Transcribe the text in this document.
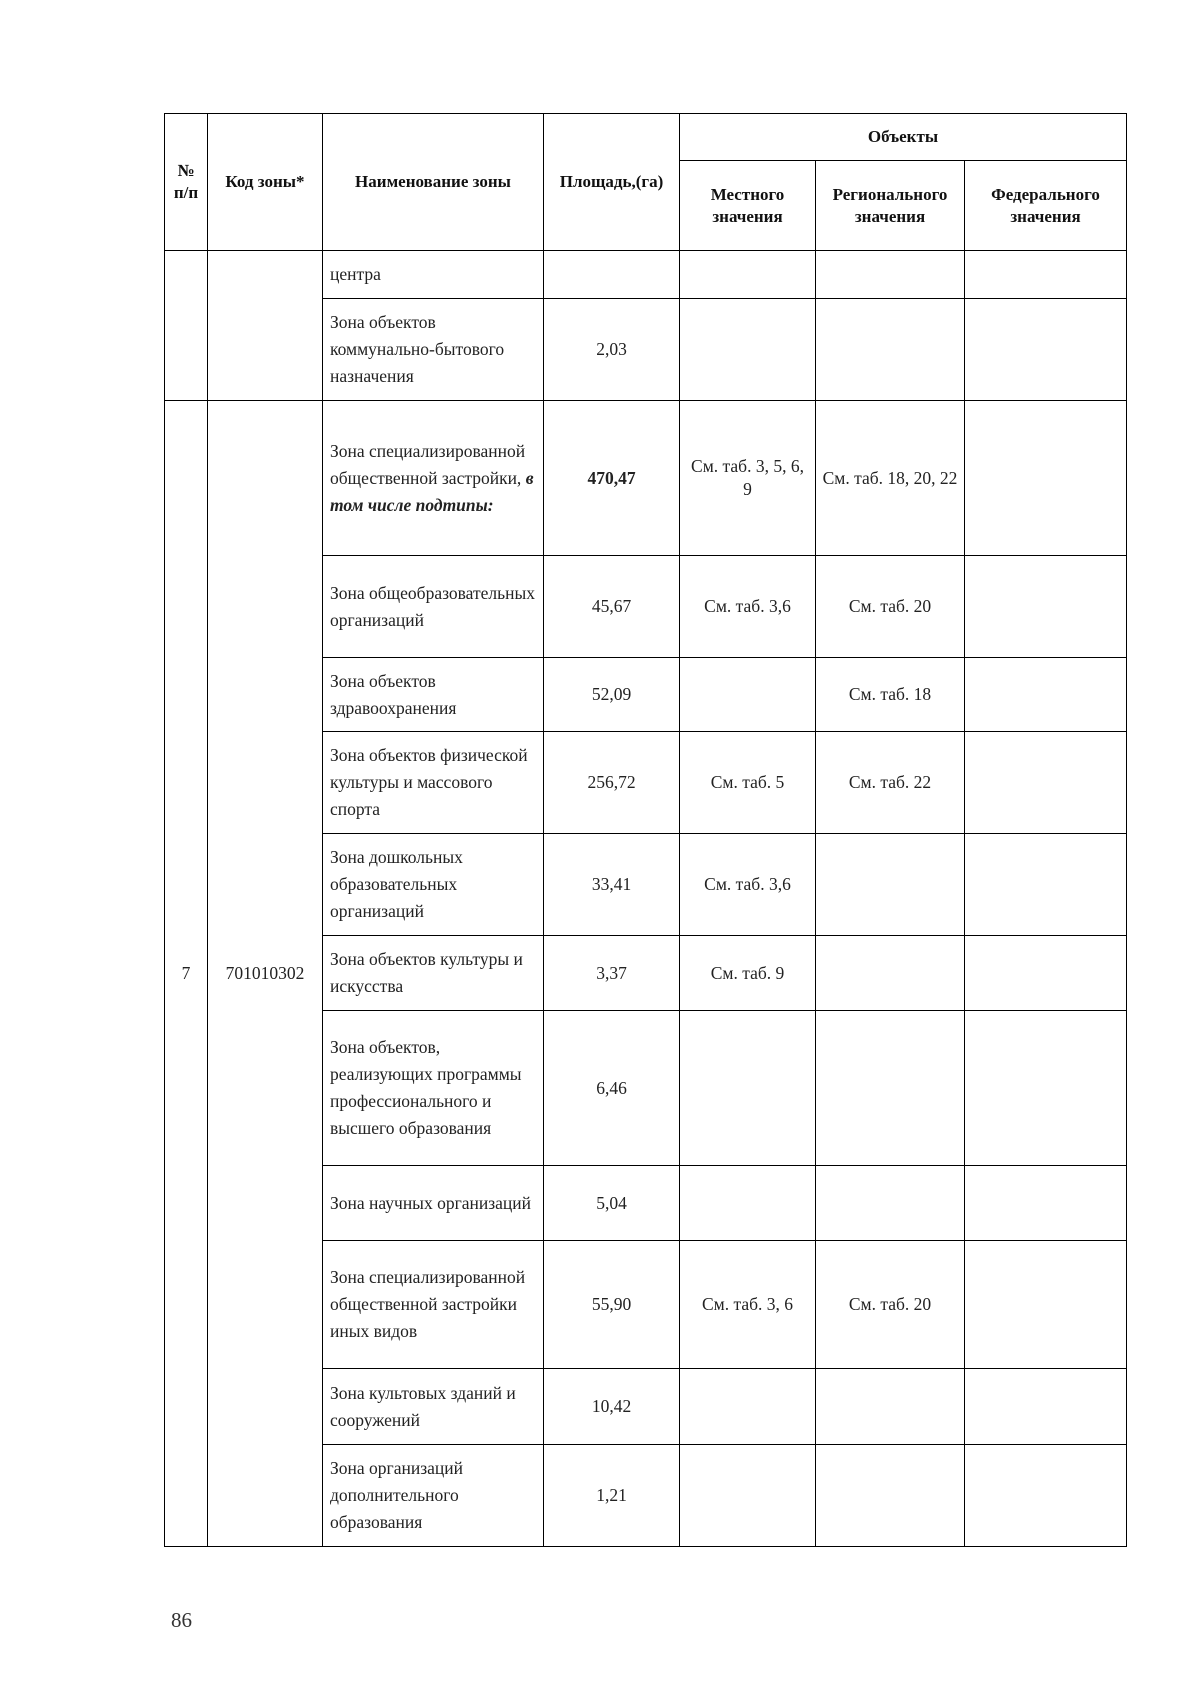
№ п/п	Код зоны*	Наименование зоны	Площадь,(га)	Объекты		
				Местного значения	Регионального значения	Федерального значения
		центра				
		Зона объектов коммунально-бытового назначения	2,03			
7	701010302	Зона специализированной общественной застройки, в том числе подтипы:	470,47	См. таб. 3, 5, 6, 9	См. таб. 18, 20, 22	
		Зона общеобразовательных организаций	45,67	См. таб. 3,6	См. таб. 20	
		Зона объектов здравоохранения	52,09		См. таб. 18	
		Зона объектов физической культуры и массового спорта	256,72	См. таб. 5	См. таб. 22	
		Зона дошкольных образовательных организаций	33,41	См. таб. 3,6		
		Зона объектов культуры и искусства	3,37	См. таб. 9		
		Зона объектов, реализующих программы профессионального и высшего образования	6,46			
		Зона научных организаций	5,04			
		Зона специализированной общественной застройки иных видов	55,90	См. таб. 3, 6	См. таб. 20	
		Зона культовых зданий и сооружений	10,42			
		Зона организаций дополнительного образования	1,21			
86
